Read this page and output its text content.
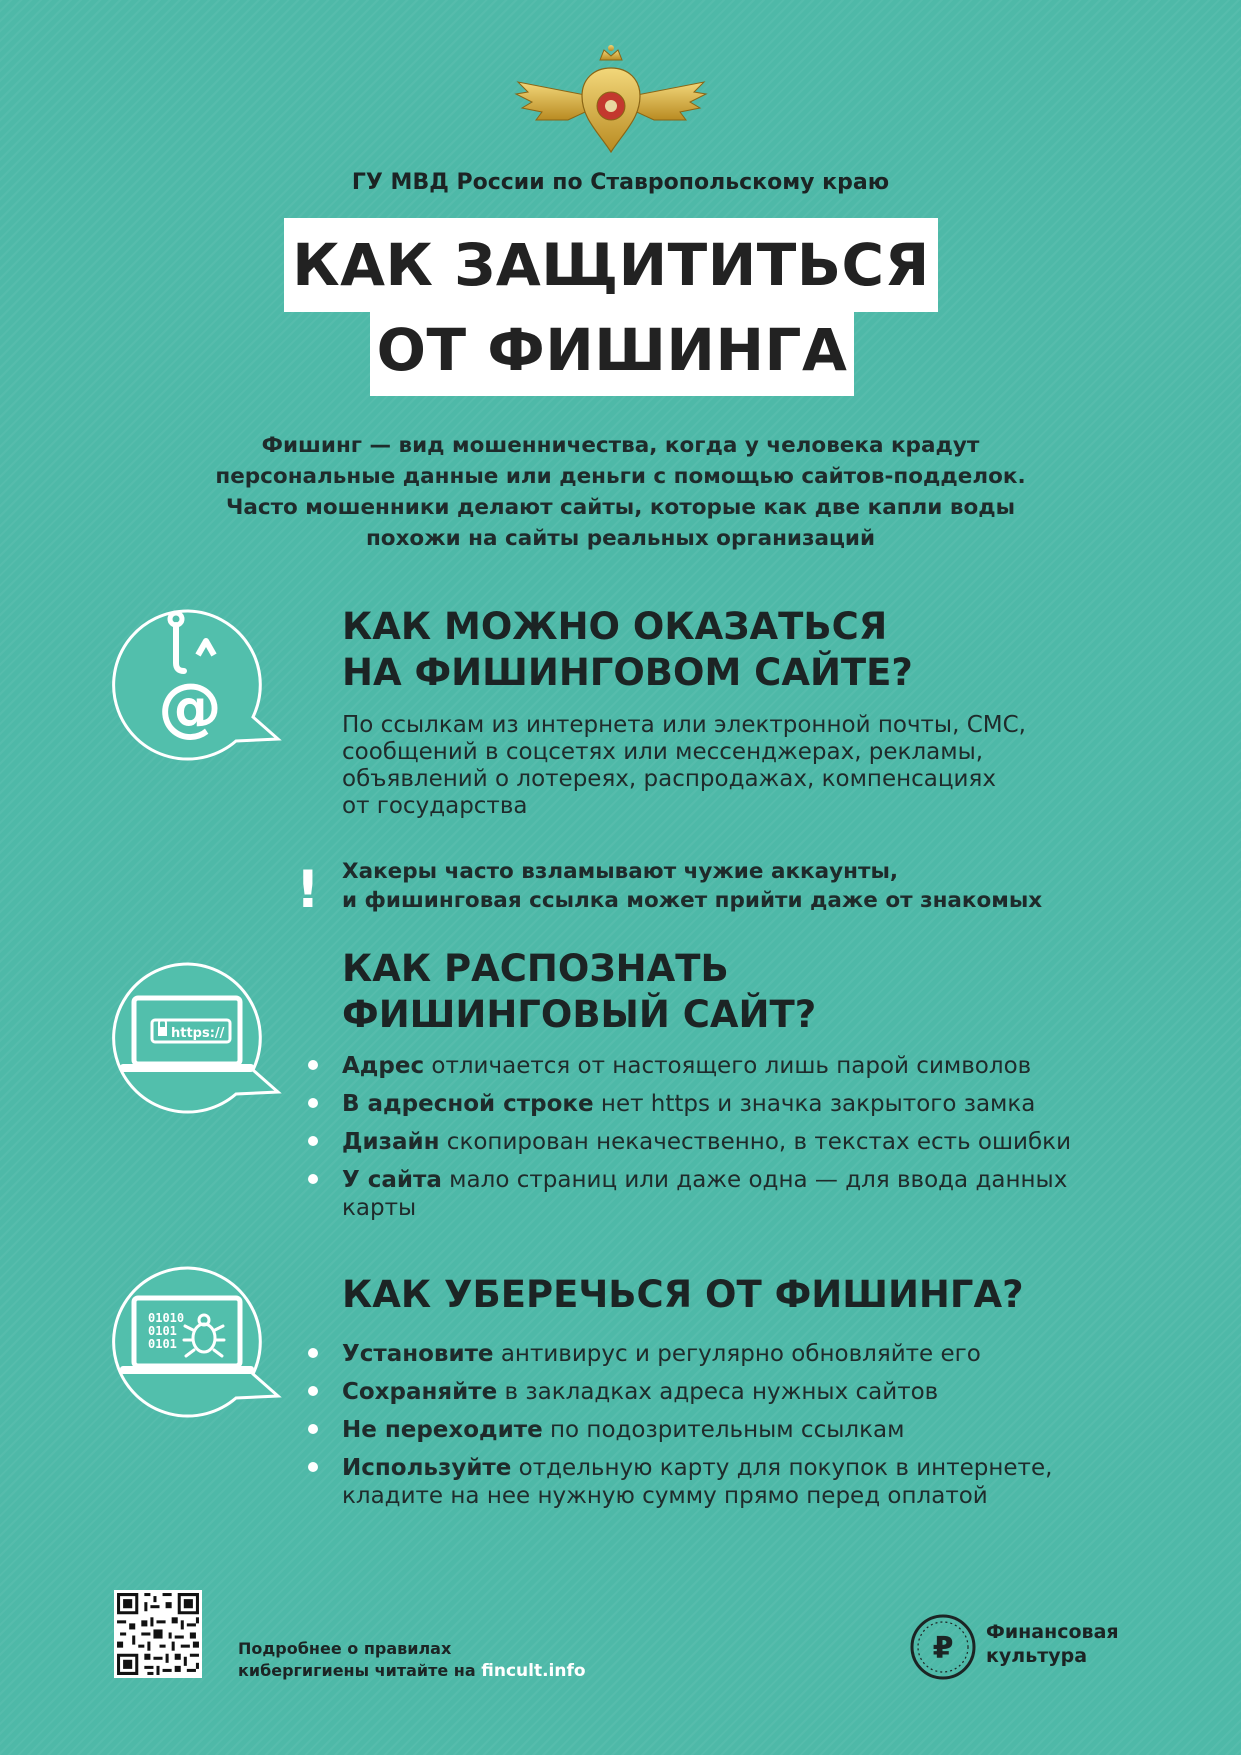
ГУ МВД России по Ставропольскому краю
КАК ЗАЩИТИТЬСЯ
ОТ ФИШИНГА
Фишинг — вид мошенничества, когда у человека крадут
персональные данные или деньги с помощью сайтов-подделок.
Часто мошенники делают сайты, которые как две капли воды
похожи на сайты реальных организаций
@
КАК МОЖНО ОКАЗАТЬСЯ
НА ФИШИНГОВОМ САЙТЕ?
По ссылкам из интернета или электронной почты, СМС,
сообщений в соцсетях или мессенджерах, рекламы,
объявлений о лотереях, распродажах, компенсациях
от государства
! Хакеры часто взламывают чужие аккаунты,
и фишинговая ссылка может прийти даже от знакомых
https://
КАК РАСПОЗНАТЬ
ФИШИНГОВЫЙ САЙТ?
Адрес отличается от настоящего лишь парой символов
В адресной строке нет https и значка закрытого замка
Дизайн скопирован некачественно, в текстах есть ошибки
У сайта мало страниц или даже одна — для ввода данных карты
01010
0101
0101
КАК УБЕРЕЧЬСЯ ОТ ФИШИНГА?
Установите антивирус и регулярно обновляйте его
Сохраняйте в закладках адреса нужных сайтов
Не переходите по подозрительным ссылкам
Используйте отдельную карту для покупок в интернете, кладите на нее нужную сумму прямо перед оплатой
Подробнее о правилах
кибергигиены читайте на fincult.info
₽ Финансовая
культура
